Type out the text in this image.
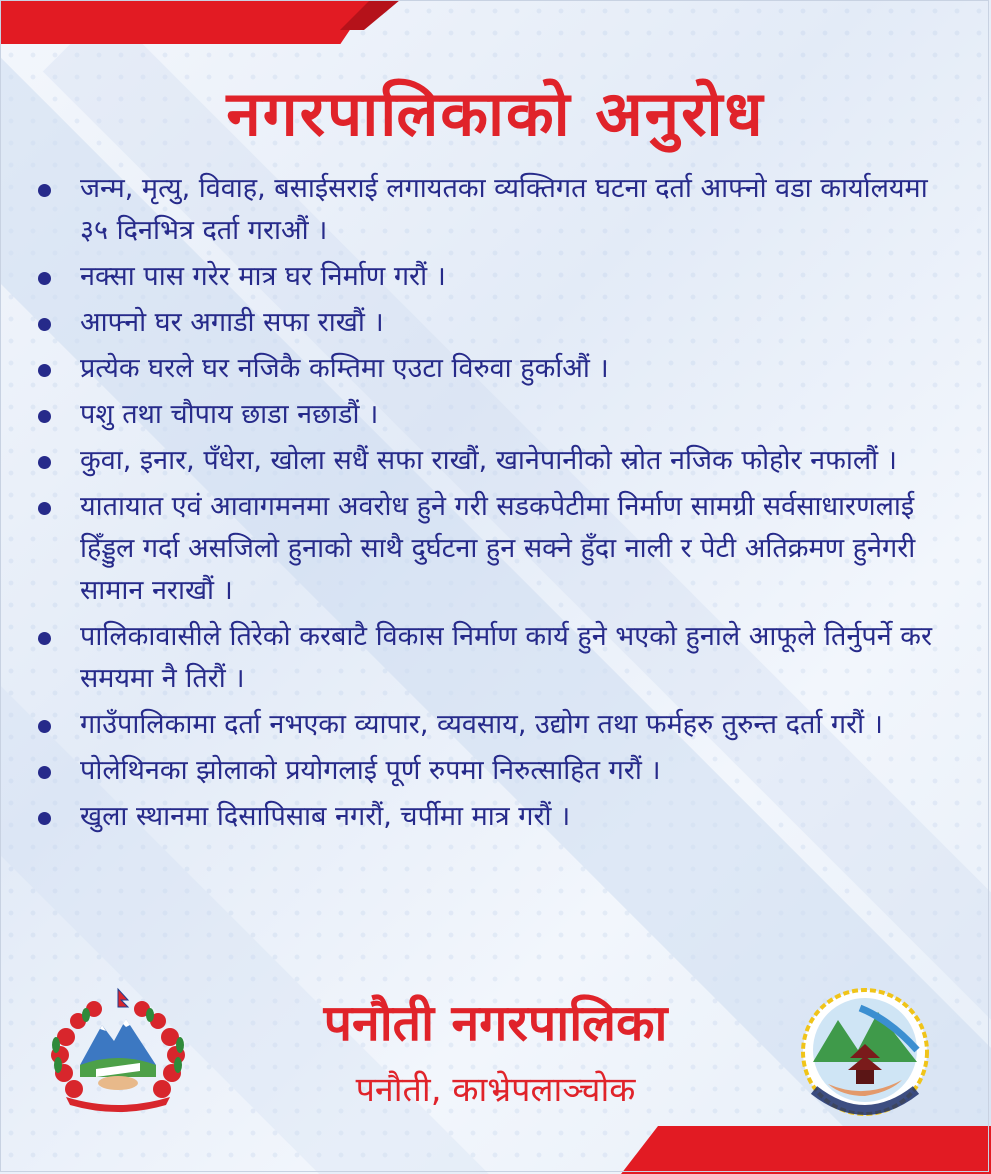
नगरपालिकाको अनुरोध
जन्म, मृत्यु, विवाह, बसाईसराई लगायतका व्यक्तिगत घटना दर्ता आफ्नो वडा कार्यालयमा ३५ दिनभित्र दर्ता गराऔं ।
नक्सा पास गरेर मात्र घर निर्माण गरौं ।
आफ्नो घर अगाडी सफा राखौं ।
प्रत्येक घरले घर नजिकै कम्तिमा एउटा विरुवा हुर्काऔं ।
पशु तथा चौपाय छाडा नछाडौं ।
कुवा, इनार, पँधेरा, खोला सधैं सफा राखौं, खानेपानीको स्रोत नजिक फोहोर नफालौं ।
यातायात एवं आवागमनमा अवरोध हुने गरी सडकपेटीमा निर्माण सामग्री सर्वसाधारणलाई हिँड्डुल गर्दा असजिलो हुनाको साथै दुर्घटना हुन सक्ने हुँदा नाली र पेटी अतिक्रमण हुनेगरी सामान नराखौं ।
पालिकावासीले तिरेको करबाटै विकास निर्माण कार्य हुने भएको हुनाले आफूले तिर्नुपर्ने कर समयमा नै तिरौं ।
गाउँपालिकामा दर्ता नभएका व्यापार, व्यवसाय, उद्योग तथा फर्महरु तुरुन्त दर्ता गरौं ।
पोलेथिनका झोलाको प्रयोगलाई पूर्ण रुपमा निरुत्साहित गरौं ।
खुला स्थानमा दिसापिसाब नगरौं, चर्पीमा मात्र गरौं ।
पनौती नगरपालिका
पनौती, काभ्रेपलाञ्चोक
